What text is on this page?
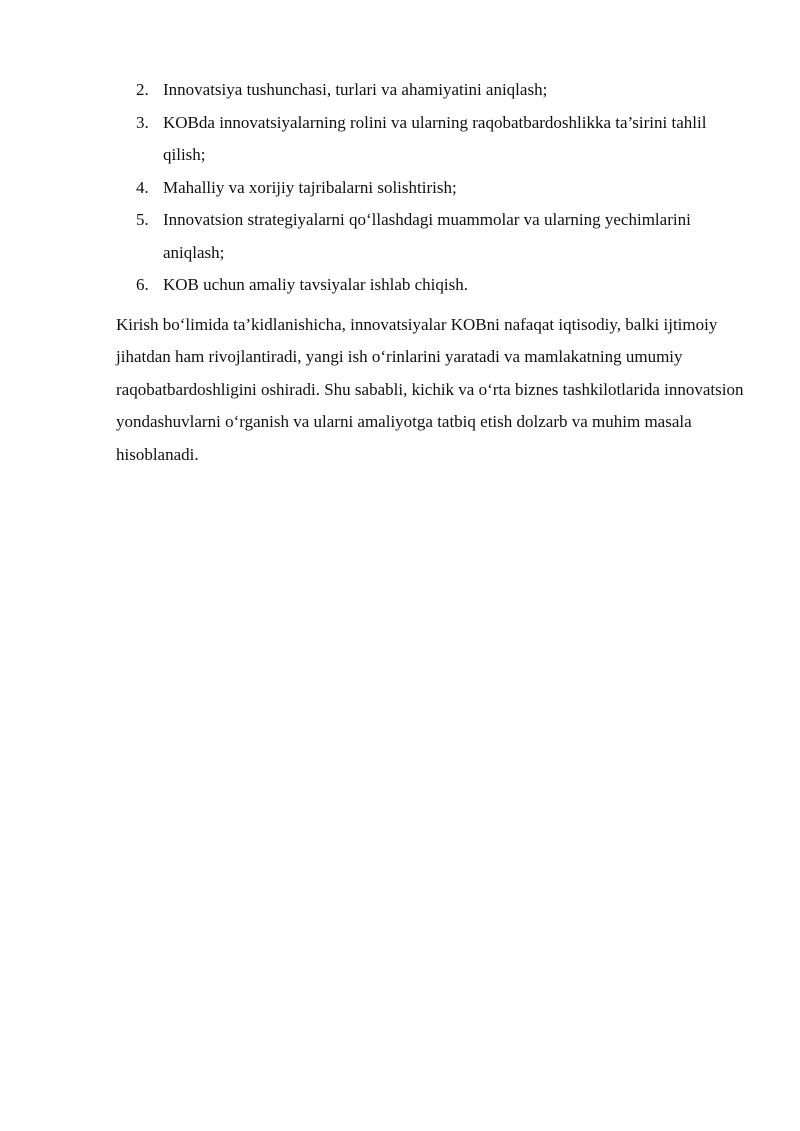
2. Innovatsiya tushunchasi, turlari va ahamiyatini aniqlash;
3. KOBda innovatsiyalarning rolini va ularning raqobatbardoshlikka ta’sirini tahlil qilish;
4. Mahalliy va xorijiy tajribalarni solishtirish;
5. Innovatsion strategiyalarni qo‘llashdagi muammolar va ularning yechimlarini aniqlash;
6. KOB uchun amaliy tavsiyalar ishlab chiqish.

Kirish bo‘limida ta’kidlanishicha, innovatsiyalar KOBni nafaqat iqtisodiy, balki ijtimoiy jihatdan ham rivojlantiradi, yangi ish o‘rinlarini yaratadi va mamlakatning umumiy raqobatbardoshligini oshiradi. Shu sababli, kichik va o‘rta biznes tashkilotlarida innovatsion yondashuvlarni o‘rganish va ularni amaliyotga tatbiq etish dolzarb va muhim masala hisoblanadi.
